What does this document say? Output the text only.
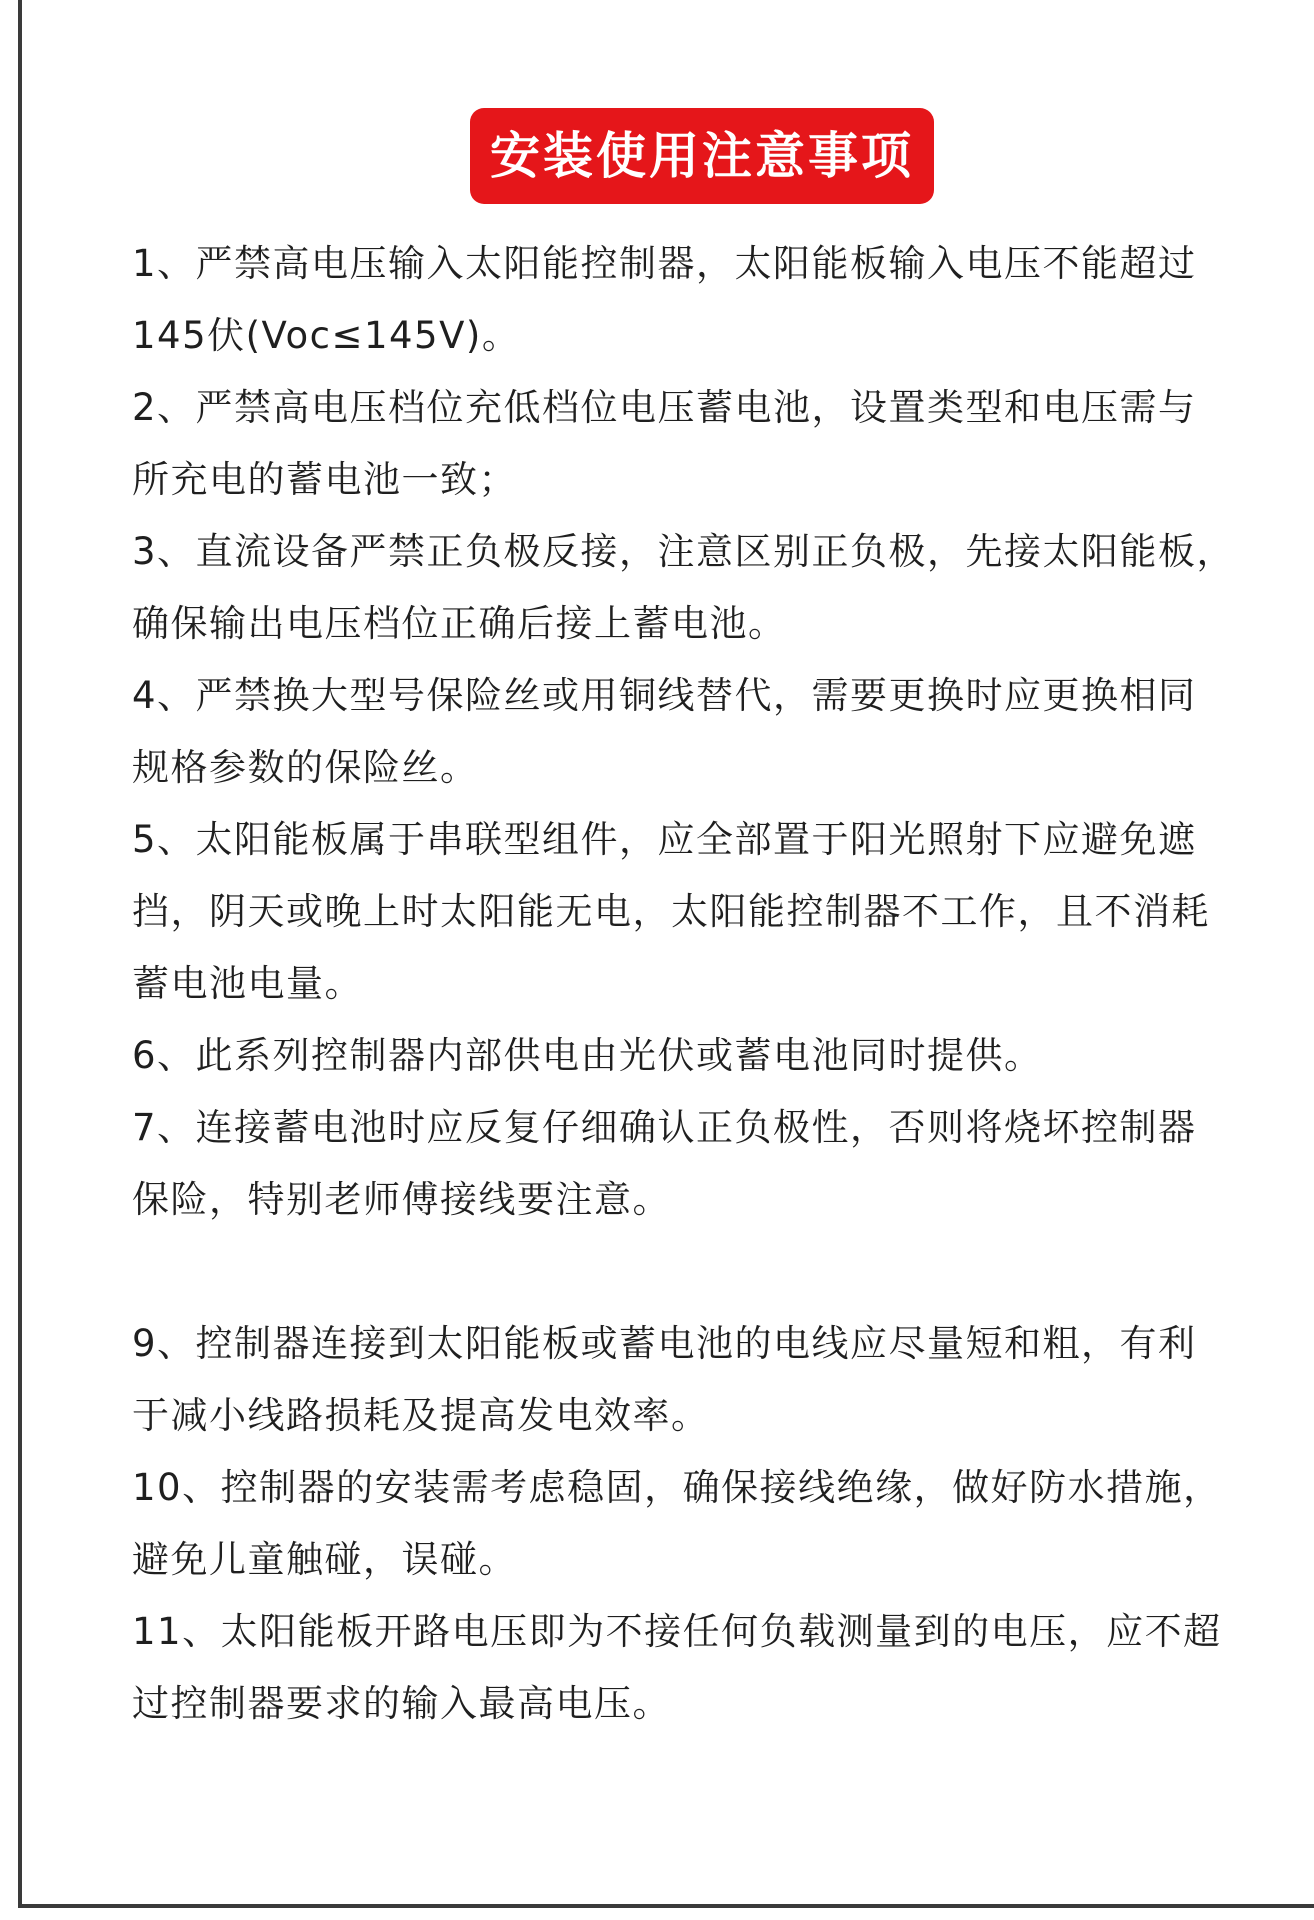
安装使用注意事项
1、严禁高电压输入太阳能控制器，太阳能板输入电压不能超过
145伏(Voc≤145V)。
2、严禁高电压档位充低档位电压蓄电池，设置类型和电压需与
所充电的蓄电池一致；
3、直流设备严禁正负极反接，注意区别正负极，先接太阳能板，
确保输出电压档位正确后接上蓄电池。
4、严禁换大型号保险丝或用铜线替代，需要更换时应更换相同
规格参数的保险丝。
5、太阳能板属于串联型组件，应全部置于阳光照射下应避免遮
挡，阴天或晚上时太阳能无电，太阳能控制器不工作，且不消耗
蓄电池电量。
6、此系列控制器内部供电由光伏或蓄电池同时提供。
7、连接蓄电池时应反复仔细确认正负极性，否则将烧坏控制器
保险，特别老师傅接线要注意。
9、控制器连接到太阳能板或蓄电池的电线应尽量短和粗，有利
于减小线路损耗及提高发电效率。
10、控制器的安装需考虑稳固，确保接线绝缘，做好防水措施，
避免儿童触碰，误碰。
11、太阳能板开路电压即为不接任何负载测量到的电压，应不超
过控制器要求的输入最高电压。
